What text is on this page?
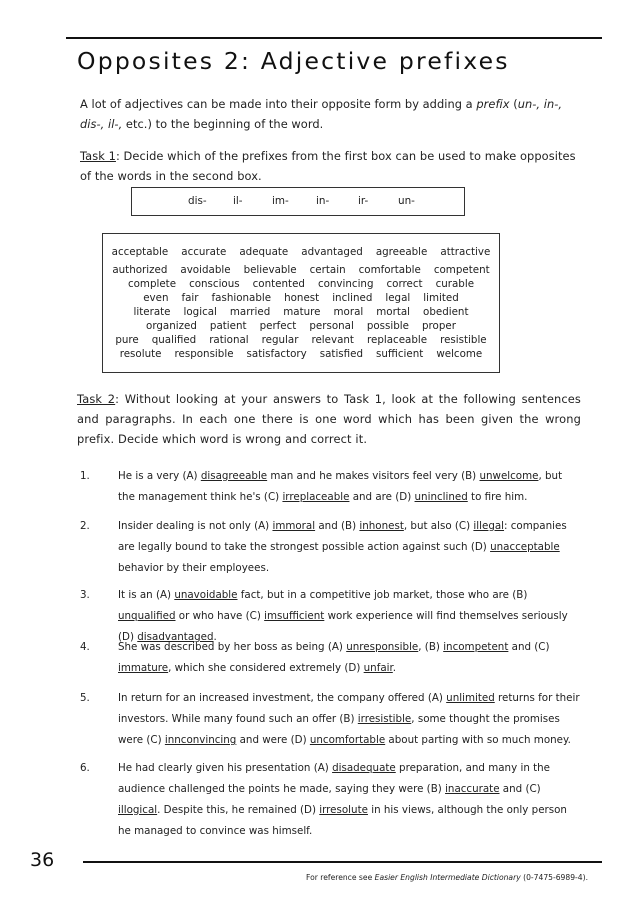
Opposites 2: Adjective prefixes
A lot of adjectives can be made into their opposite form by adding a prefix (un-, in-, dis-, il-, etc.) to the beginning of the word.
Task 1: Decide which of the prefixes from the first box can be used to make opposites of the words in the second box.
dis-	il-	im-	in-	ir-	un-
acceptable accurate adequate advantaged agreeable attractive
authorized avoidable believable certain comfortable competent
complete conscious contented convincing correct curable
even fair fashionable honest inclined legal limited
literate logical married mature moral mortal obedient
organized patient perfect personal possible proper
pure qualified rational regular relevant replaceable resistible
resolute responsible satisfactory satisfied sufficient welcome
Task 2: Without looking at your answers to Task 1, look at the following sentences and paragraphs. In each one there is one word which has been given the wrong prefix. Decide which word is wrong and correct it.
1.	He is a very (A) disagreeable man and he makes visitors feel very (B) unwelcome, but the management think he's (C) irreplaceable and are (D) uninclined to fire him.
2.	Insider dealing is not only (A) immoral and (B) inhonest, but also (C) illegal: companies are legally bound to take the strongest possible action against such (D) unacceptable behavior by their employees.
3.	It is an (A) unavoidable fact, but in a competitive job market, those who are (B) unqualified or who have (C) imsufficient work experience will find themselves seriously (D) disadvantaged.
4.	She was described by her boss as being (A) unresponsible, (B) incompetent and (C) immature, which she considered extremely (D) unfair.
5.	In return for an increased investment, the company offered (A) unlimited returns for their investors. While many found such an offer (B) irresistible, some thought the promises were (C) innconvincing and were (D) uncomfortable about parting with so much money.
6.	He had clearly given his presentation (A) disadequate preparation, and many in the audience challenged the points he made, saying they were (B) inaccurate and (C) illogical. Despite this, he remained (D) irresolute in his views, although the only person he managed to convince was himself.
36
For reference see Easier English Intermediate Dictionary (0-7475-6989-4).
